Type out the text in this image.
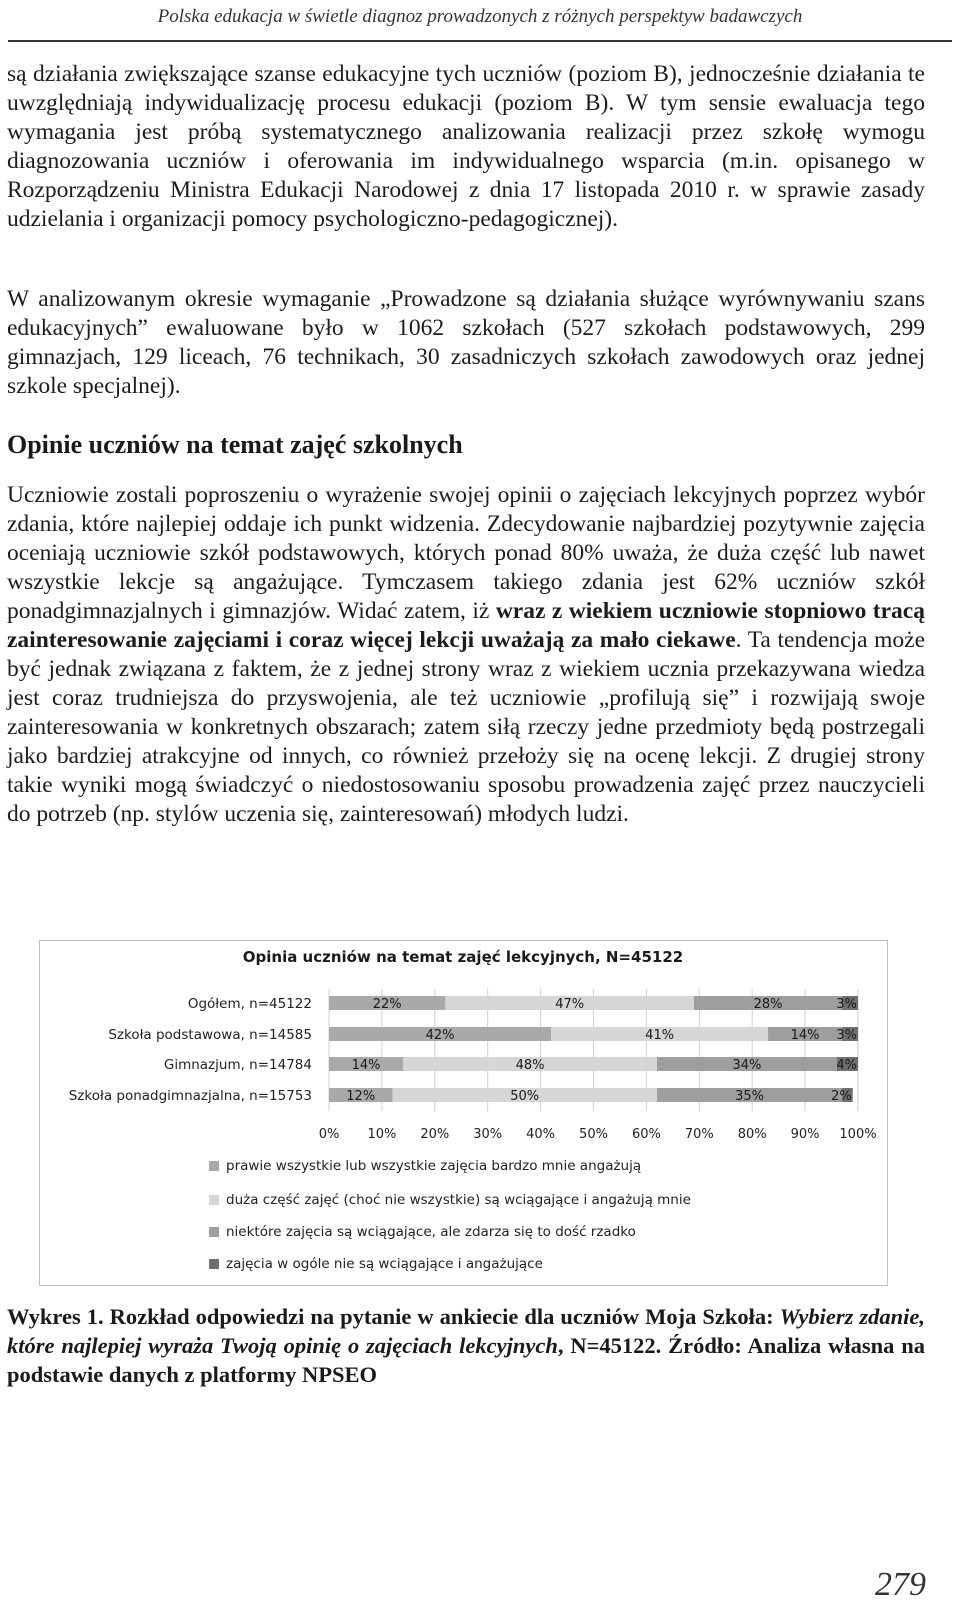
Polska edukacja w świetle diagnoz prowadzonych z różnych perspektyw badawczych

są działania zwiększające szanse edukacyjne tych uczniów (poziom B), jednocześnie działania te uwzględniają indywidualizację procesu edukacji (poziom B). W tym sensie ewaluacja tego wymagania jest próbą systematycznego analizowania realizacji przez szkołę wymogu diagnozowania uczniów i oferowania im indywidualnego wsparcia (m.in. opisanego w Rozporządzeniu Ministra Edukacji Narodowej z dnia 17 listopada 2010 r. w sprawie zasady udzielania i organizacji pomocy psychologiczno-pedagogicznej).

W analizowanym okresie wymaganie „Prowadzone są działania służące wyrównywaniu szans edukacyjnych” ewaluowane było w 1062 szkołach (527 szkołach podstawowych, 299 gimnazjach, 129 liceach, 76 technikach, 30 zasadniczych szkołach zawodowych oraz jednej szkole specjalnej).

Opinie uczniów na temat zajęć szkolnych

Uczniowie zostali poproszeniu o wyrażenie swojej opinii o zajęciach lekcyjnych poprzez wybór zdania, które najlepiej oddaje ich punkt widzenia. Zdecydowanie najbardziej pozytywnie zajęcia oceniają uczniowie szkół podstawowych, których ponad 80% uważa, że duża część lub nawet wszystkie lekcje są angażujące. Tymczasem takiego zdania jest 62% uczniów szkół ponadgimnazjalnych i gimnazjów. Widać zatem, iż wraz z wiekiem uczniowie stopniowo tracą zainteresowanie zajęciami i coraz więcej lekcji uważają za mało ciekawe. Ta tendencja może być jednak związana z faktem, że z jednej strony wraz z wiekiem ucznia przekazywana wiedza jest coraz trudniejsza do przyswojenia, ale też uczniowie „profilują się” i rozwijają swoje zainteresowania w konkretnych obszarach; zatem siłą rzeczy jedne przedmioty będą postrzegali jako bardziej atrakcyjne od innych, co również przełoży się na ocenę lekcji. Z drugiej strony takie wyniki mogą świadczyć o niedostosowaniu sposobu prowadzenia zajęć przez nauczycieli do potrzeb (np. stylów uczenia się, zainteresowań) młodych ludzi.

Opinia uczniów na temat zajęć lekcyjnych, N=45122
0% 10% 20% 30% 40% 50% 60% 70% 80% 90% 100%
Ogółem, n=45122
Szkoła podstawowa, n=14585
Gimnazjum, n=14784
Szkoła ponadgimnazjalna, n=15753
22%	47%	28%	3%
42%	41%	14% 3%
14%	48%	34%	4%
12%	50%	35%	2%
prawie wszystkie lub wszystkie zajęcia bardzo mnie angażują
duża część zajęć (choć nie wszystkie) są wciągające i angażują mnie
niektóre zajęcia są wciągające, ale zdarza się to dość rzadko
zajęcia w ogóle nie są wciągające i angażujące

Wykres 1. Rozkład odpowiedzi na pytanie w ankiecie dla uczniów Moja Szkoła: Wybierz zdanie, które najlepiej wyraża Twoją opinię o zajęciach lekcyjnych, N=45122. Źródło: Analiza własna na podstawie danych z platformy NPSEO

279
